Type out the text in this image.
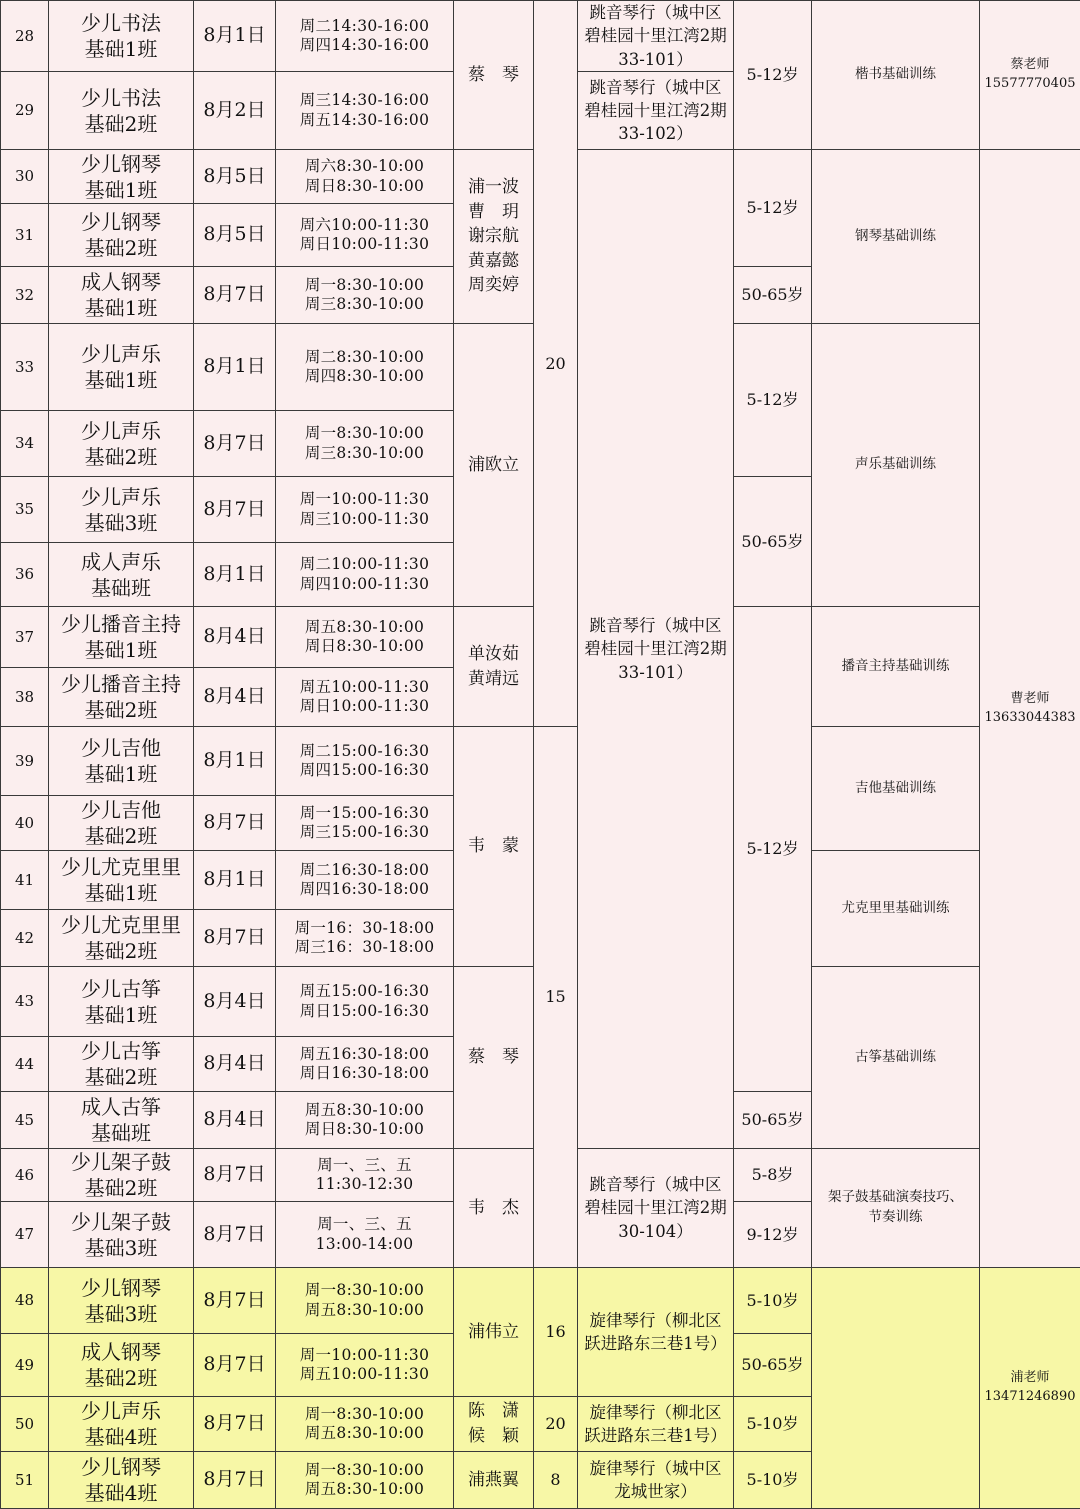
28	少儿书法
基础1班	8月1日	周二14:30-16:00
周四14:30-16:00	蔡　琴	20	跳音琴行（城中区
碧桂园十里江湾2期
33-101）	5-12岁	楷书基础训练	蔡老师
15577770405
29	少儿书法
基础2班	8月2日	周三14:30-16:00
周五14:30-16:00			跳音琴行（城中区
碧桂园十里江湾2期
33-102）			
30	少儿钢琴
基础1班	8月5日	周六8:30-10:00
周日8:30-10:00	浦一波
曹　玥
谢宗航
黄嘉懿
周奕婷		跳音琴行（城中区
碧桂园十里江湾2期
33-101）	5-12岁	钢琴基础训练	曹老师
13633044383
31	少儿钢琴
基础2班	8月5日	周六10:00-11:30
周日10:00-11:30						
32	成人钢琴
基础1班	8月7日	周一8:30-10:00
周三8:30-10:00				50-65岁		
33	少儿声乐
基础1班	8月1日	周二8:30-10:00
周四8:30-10:00	浦欧立			5-12岁	声乐基础训练	
34	少儿声乐
基础2班	8月7日	周一8:30-10:00
周三8:30-10:00						
35	少儿声乐
基础3班	8月7日	周一10:00-11:30
周三10:00-11:30				50-65岁		
36	成人声乐
基础班	8月1日	周二10:00-11:30
周四10:00-11:30						
37	少儿播音主持
基础1班	8月4日	周五8:30-10:00
周日8:30-10:00	单汝茹
黄靖远			5-12岁	播音主持基础训练	
38	少儿播音主持
基础2班	8月4日	周五10:00-11:30
周日10:00-11:30						
39	少儿吉他
基础1班	8月1日	周二15:00-16:30
周四15:00-16:30	韦　蒙	15			吉他基础训练	
40	少儿吉他
基础2班	8月7日	周一15:00-16:30
周三15:00-16:30						
41	少儿尤克里里
基础1班	8月1日	周二16:30-18:00
周四16:30-18:00					尤克里里基础训练	
42	少儿尤克里里
基础2班	8月7日	周一16：30-18:00
周三16：30-18:00						
43	少儿古筝
基础1班	8月4日	周五15:00-16:30
周日15:00-16:30	蔡　琴				古筝基础训练	
44	少儿古筝
基础2班	8月4日	周五16:30-18:00
周日16:30-18:00						
45	成人古筝
基础班	8月4日	周五8:30-10:00
周日8:30-10:00				50-65岁		
46	少儿架子鼓
基础2班	8月7日	周一、三、五
11:30-12:30	韦　杰		跳音琴行（城中区
碧桂园十里江湾2期
30-104）	5-8岁	架子鼓基础演奏技巧、
节奏训练	
47	少儿架子鼓
基础3班	8月7日	周一、三、五
13:00-14:00				9-12岁		
48	少儿钢琴
基础3班	8月7日	周一8:30-10:00
周五8:30-10:00	浦伟立	16	旋律琴行（柳北区
跃进路东三巷1号）	5-10岁		浦老师
13471246890
49	成人钢琴
基础2班	8月7日	周一10:00-11:30
周五10:00-11:30				50-65岁		
50	少儿声乐
基础4班	8月7日	周一8:30-10:00
周五8:30-10:00	陈　潇
候　颖	20	旋律琴行（柳北区
跃进路东三巷1号）	5-10岁		
51	少儿钢琴
基础4班	8月7日	周一8:30-10:00
周五8:30-10:00	浦燕翼	8	旋律琴行（城中区
龙城世家）	5-10岁		
